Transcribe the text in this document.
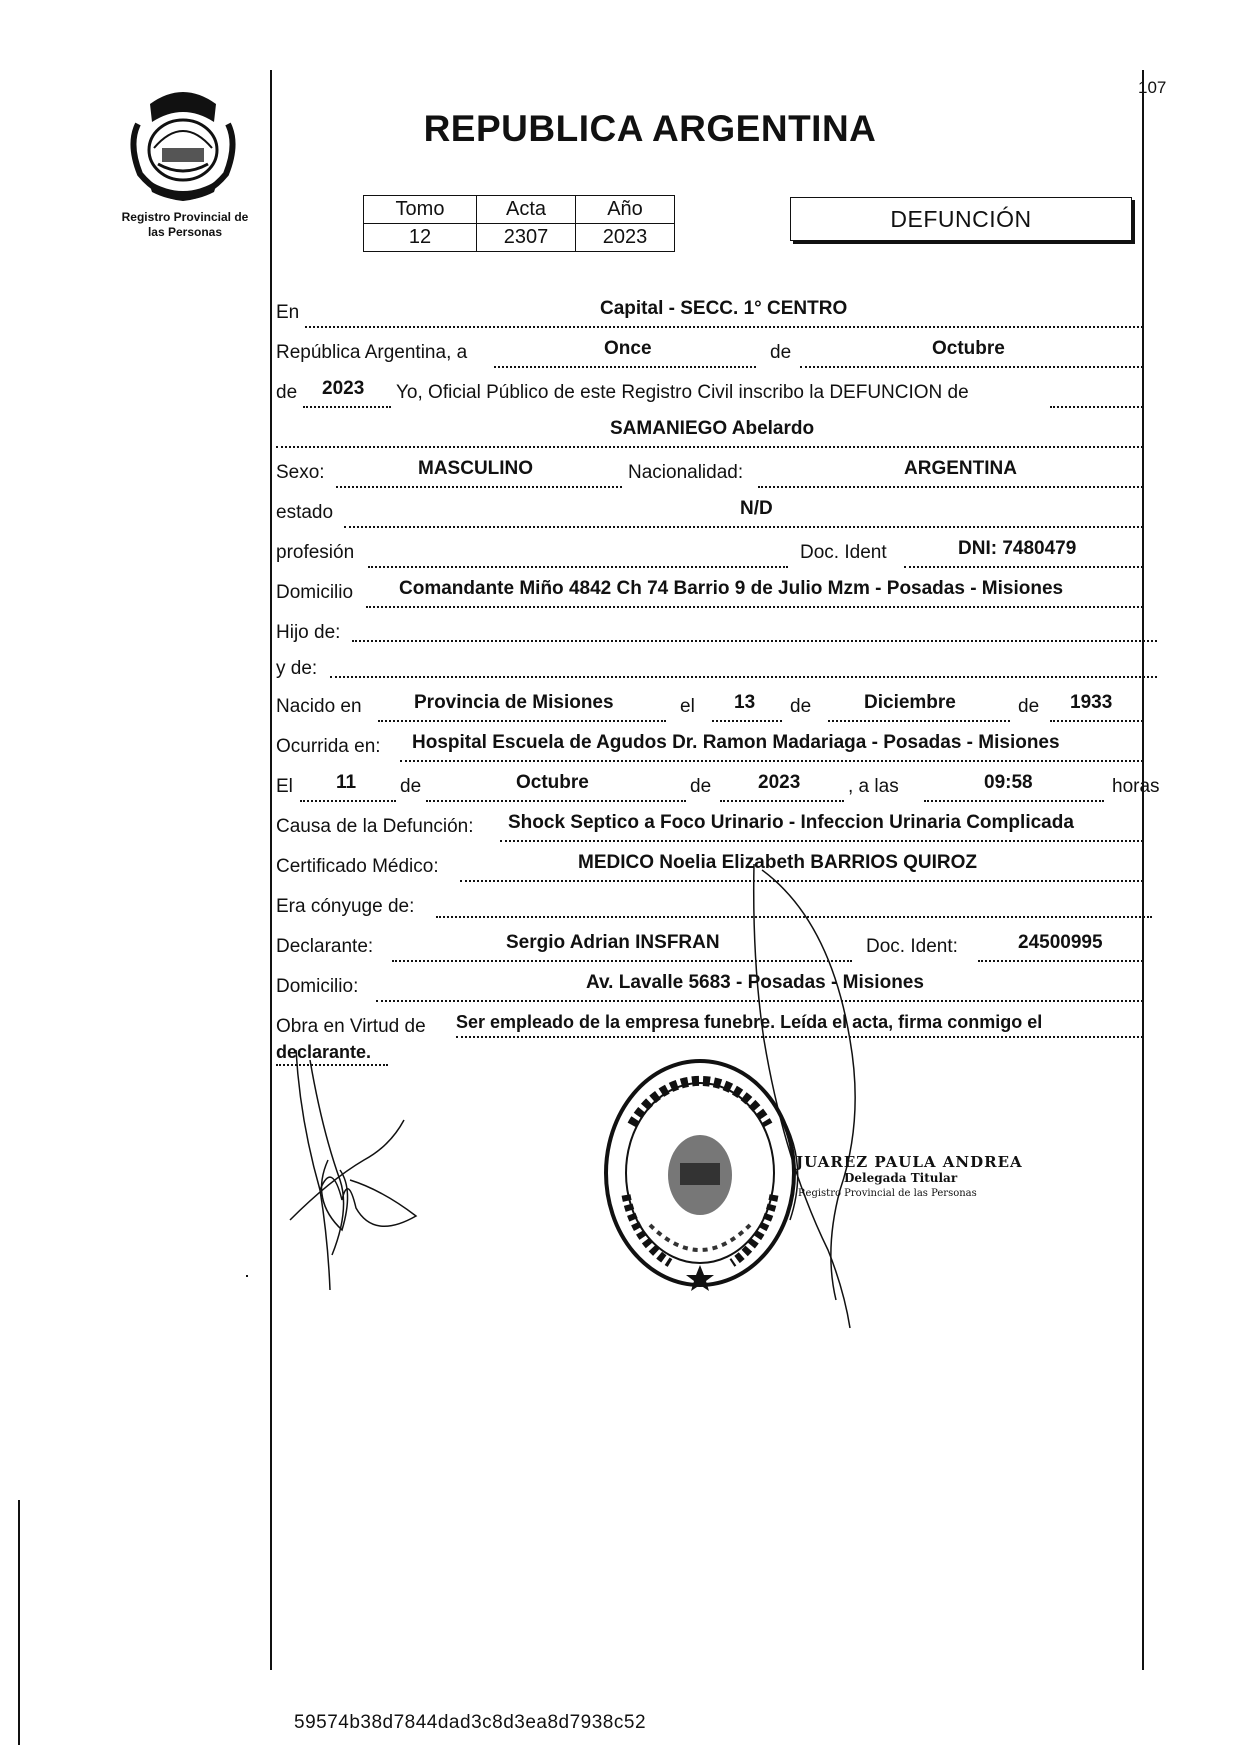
Registro Provincial de
las Personas
107
REPUBLICA ARGENTINA
Tomo	Acta	Año
12	2307	2023
DEFUNCIÓN
En	Capital - SECC. 1° CENTRO
República Argentina, a	Once	de	Octubre
de 2023 Yo, Oficial Público de este Registro Civil inscribo la DEFUNCION de
SAMANIEGO Abelardo
Sexo:	MASCULINO	Nacionalidad:	ARGENTINA
estado	N/D
profesión	Doc. Ident	DNI: 7480479
Domicilio Comandante Miño 4842 Ch 74 Barrio 9 de Julio Mzm - Posadas - Misiones
Hijo de:
y de:
Nacido en	Provincia de Misiones	el 13 de	Diciembre	de 1933
Ocurrida en: Hospital Escuela de Agudos Dr. Ramon Madariaga - Posadas - Misiones
El 11 de	Octubre	de 2023	, a las	09:58	horas
Causa de la Defunción: Shock Septico a Foco Urinario - Infeccion Urinaria Complicada
Certificado Médico:	MEDICO Noelia Elizabeth BARRIOS QUIROZ
Era cónyuge de:
Declarante:	Sergio Adrian INSFRAN	Doc. Ident:	24500995
Domicilio:	Av. Lavalle 5683 - Posadas - Misiones
Obra en Virtud de Ser empleado de la empresa funebre. Leída el acta, firma conmigo el
declarante.
JUAREZ PAULA ANDREA
Delegada Titular
Registro Provincial de las Personas
59574b38d7844dad3c8d3ea8d7938c52
